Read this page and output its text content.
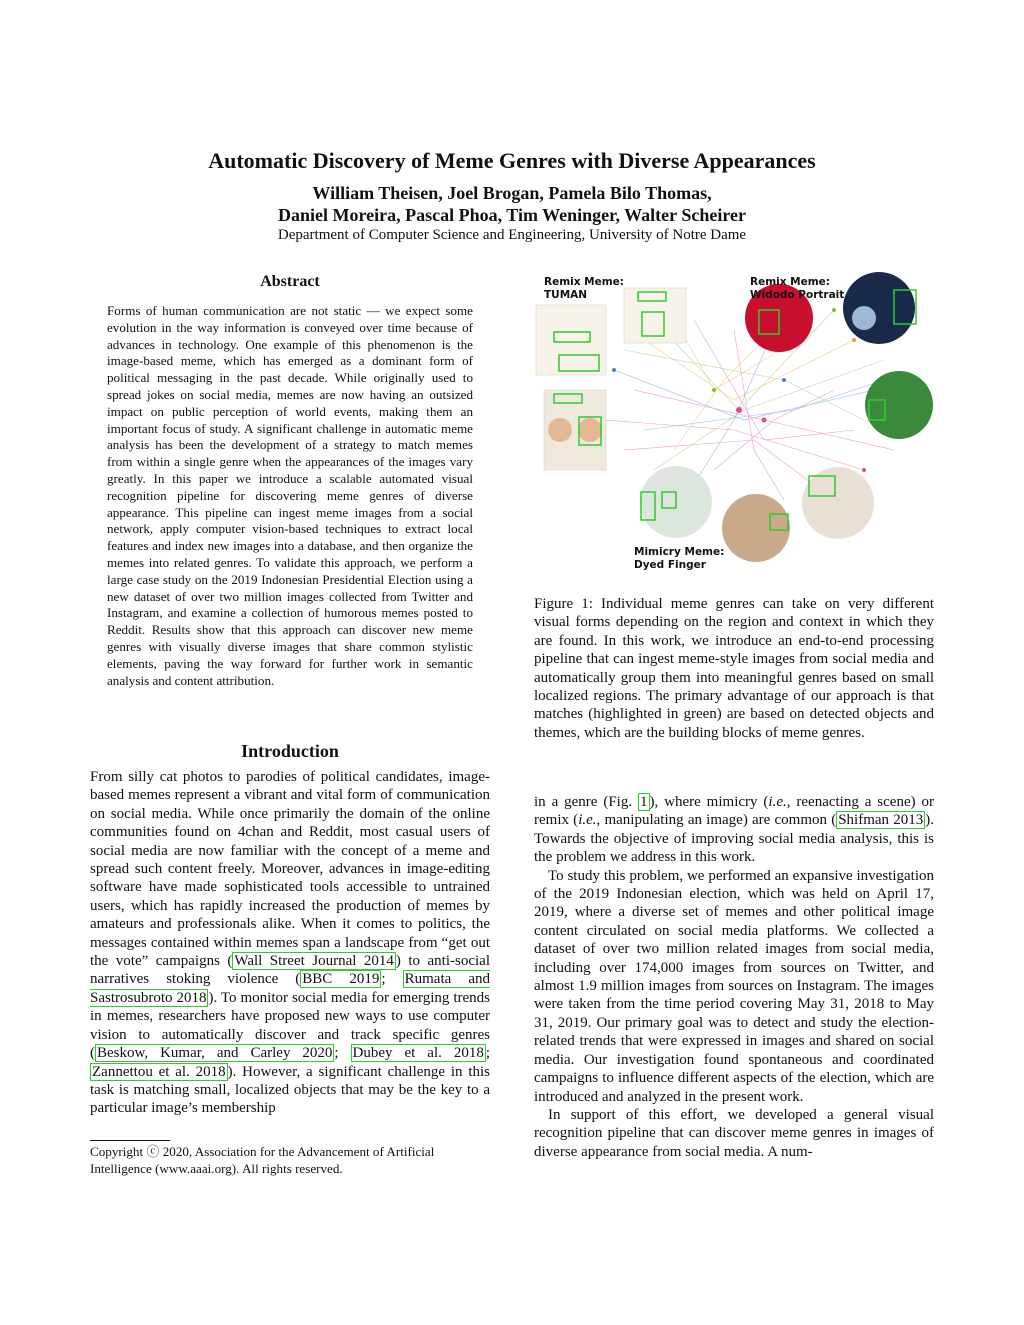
Automatic Discovery of Meme Genres with Diverse Appearances
William Theisen, Joel Brogan, Pamela Bilo Thomas,
Daniel Moreira, Pascal Phoa, Tim Weninger, Walter Scheirer
Department of Computer Science and Engineering, University of Notre Dame
Abstract
Forms of human communication are not static — we expect some evolution in the way information is conveyed over time because of advances in technology. One example of this phenomenon is the image-based meme, which has emerged as a dominant form of political messaging in the past decade. While originally used to spread jokes on social media, memes are now having an outsized impact on public perception of world events, making them an important focus of study. A significant challenge in automatic meme analysis has been the development of a strategy to match memes from within a single genre when the appearances of the images vary greatly. In this paper we introduce a scalable automated visual recognition pipeline for discovering meme genres of diverse appearance. This pipeline can ingest meme images from a social network, apply computer vision-based techniques to extract local features and index new images into a database, and then organize the memes into related genres. To validate this approach, we perform a large case study on the 2019 Indonesian Presidential Election using a new dataset of over two million images collected from Twitter and Instagram, and examine a collection of humorous memes posted to Reddit. Results show that this approach can discover new meme genres with visually diverse images that share common stylistic elements, paving the way forward for further work in semantic analysis and content attribution.
Introduction

From silly cat photos to parodies of political candidates, image-based memes represent a vibrant and vital form of communication on social media. While once primarily the domain of the online communities found on 4chan and Reddit, most casual users of social media are now familiar with the concept of a meme and spread such content freely. Moreover, advances in image-editing software have made sophisticated tools accessible to untrained users, which has rapidly increased the production of memes by amateurs and professionals alike. When it comes to politics, the messages contained within memes span a landscape from “get out the vote” campaigns ( Wall Street Journal 2014 ) to anti-social narratives stoking violence ( BBC 2019 ; Rumata and Sastrosubroto 2018 ). To monitor social media for emerging trends in memes, researchers have proposed new ways to use computer vision to automatically discover and track specific genres ( Beskow, Kumar, and Carley 2020 ; Dubey et al. 2018 ; Zannettou et al. 2018 ). However, a significant challenge in this task is matching small, localized objects that may be the key to a particular image’s membership

Copyright ⓒ 2020, Association for the Advancement of Artificial Intelligence (www.aaai.org). All rights reserved.
Remix Meme:
TUMAN
Remix Meme:
Widodo Portrait
Mimicry Meme:
Dyed Finger
Figure 1: Individual meme genres can take on very different visual forms depending on the region and context in which they are found. In this work, we introduce an end-to-end processing pipeline that can ingest meme-style images from social media and automatically group them into meaningful genres based on small localized regions. The primary advantage of our approach is that matches (highlighted in green) are based on detected objects and themes, which are the building blocks of meme genres.

in a genre (Fig. 1 ), where mimicry (i.e., reenacting a scene) or remix (i.e., manipulating an image) are common ( Shifman 2013 ). Towards the objective of improving social media analysis, this is the problem we address in this work.

To study this problem, we performed an expansive investigation of the 2019 Indonesian election, which was held on April 17, 2019, where a diverse set of memes and other political image content circulated on social media platforms. We collected a dataset of over two million related images from social media, including over 174,000 images from sources on Twitter, and almost 1.9 million images from sources on Instagram. The images were taken from the time period covering May 31, 2018 to May 31, 2019. Our primary goal was to detect and study the election-related trends that were expressed in images and shared on social media. Our investigation found spontaneous and coordinated campaigns to influence different aspects of the election, which are introduced and analyzed in the present work.

In support of this effort, we developed a general visual recognition pipeline that can discover meme genres in images of diverse appearance from social media. A num-
